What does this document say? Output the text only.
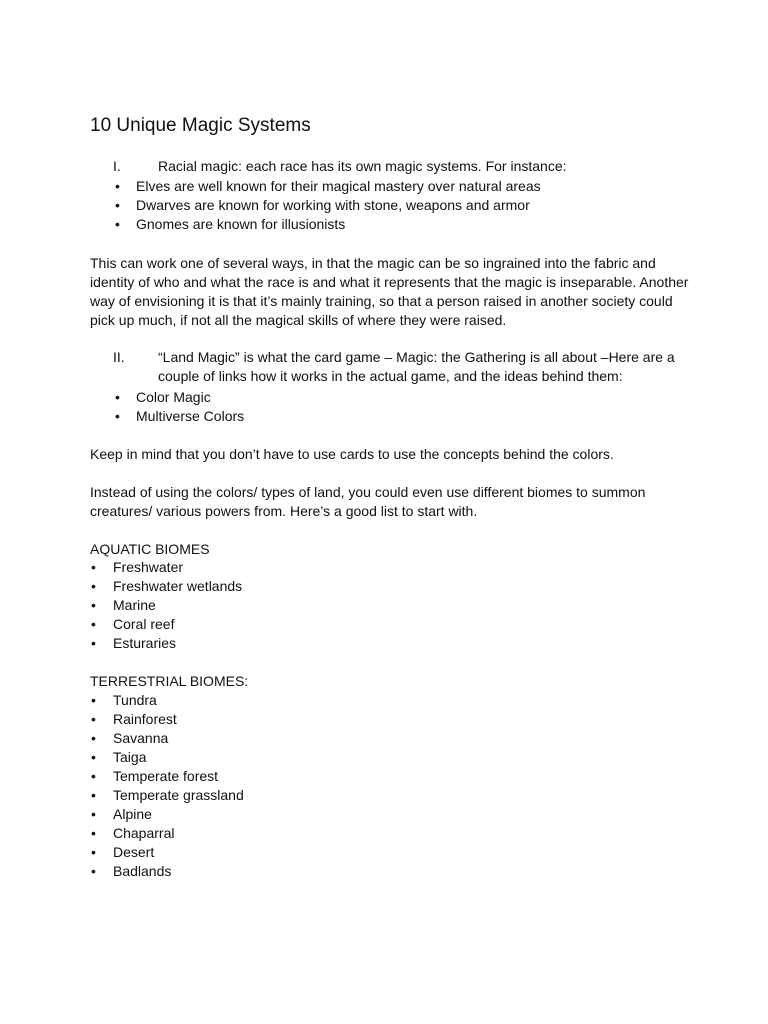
10 Unique Magic Systems
I.	Racial magic: each race has its own magic systems. For instance:
• Elves are well known for their magical mastery over natural areas
• Dwarves are known for working with stone, weapons and armor
• Gnomes are known for illusionists
This can work one of several ways, in that the magic can be so ingrained into the fabric and identity of who and what the race is and what it represents that the magic is inseparable. Another way of envisioning it is that it’s mainly training, so that a person raised in another society could pick up much, if not all the magical skills of where they were raised.
II. “Land Magic” is what the card game – Magic: the Gathering is all about –Here are a couple of links how it works in the actual game, and the ideas behind them:
• Color Magic
• Multiverse Colors
Keep in mind that you don’t have to use cards to use the concepts behind the colors.
Instead of using the colors/ types of land, you could even use different biomes to summon creatures/ various powers from. Here’s a good list to start with.
AQUATIC BIOMES
• Freshwater
• Freshwater wetlands
• Marine
• Coral reef
• Esturaries
TERRESTRIAL BIOMES:
• Tundra
• Rainforest
• Savanna
• Taiga
• Temperate forest
• Temperate grassland
• Alpine
• Chaparral
• Desert
• Badlands
